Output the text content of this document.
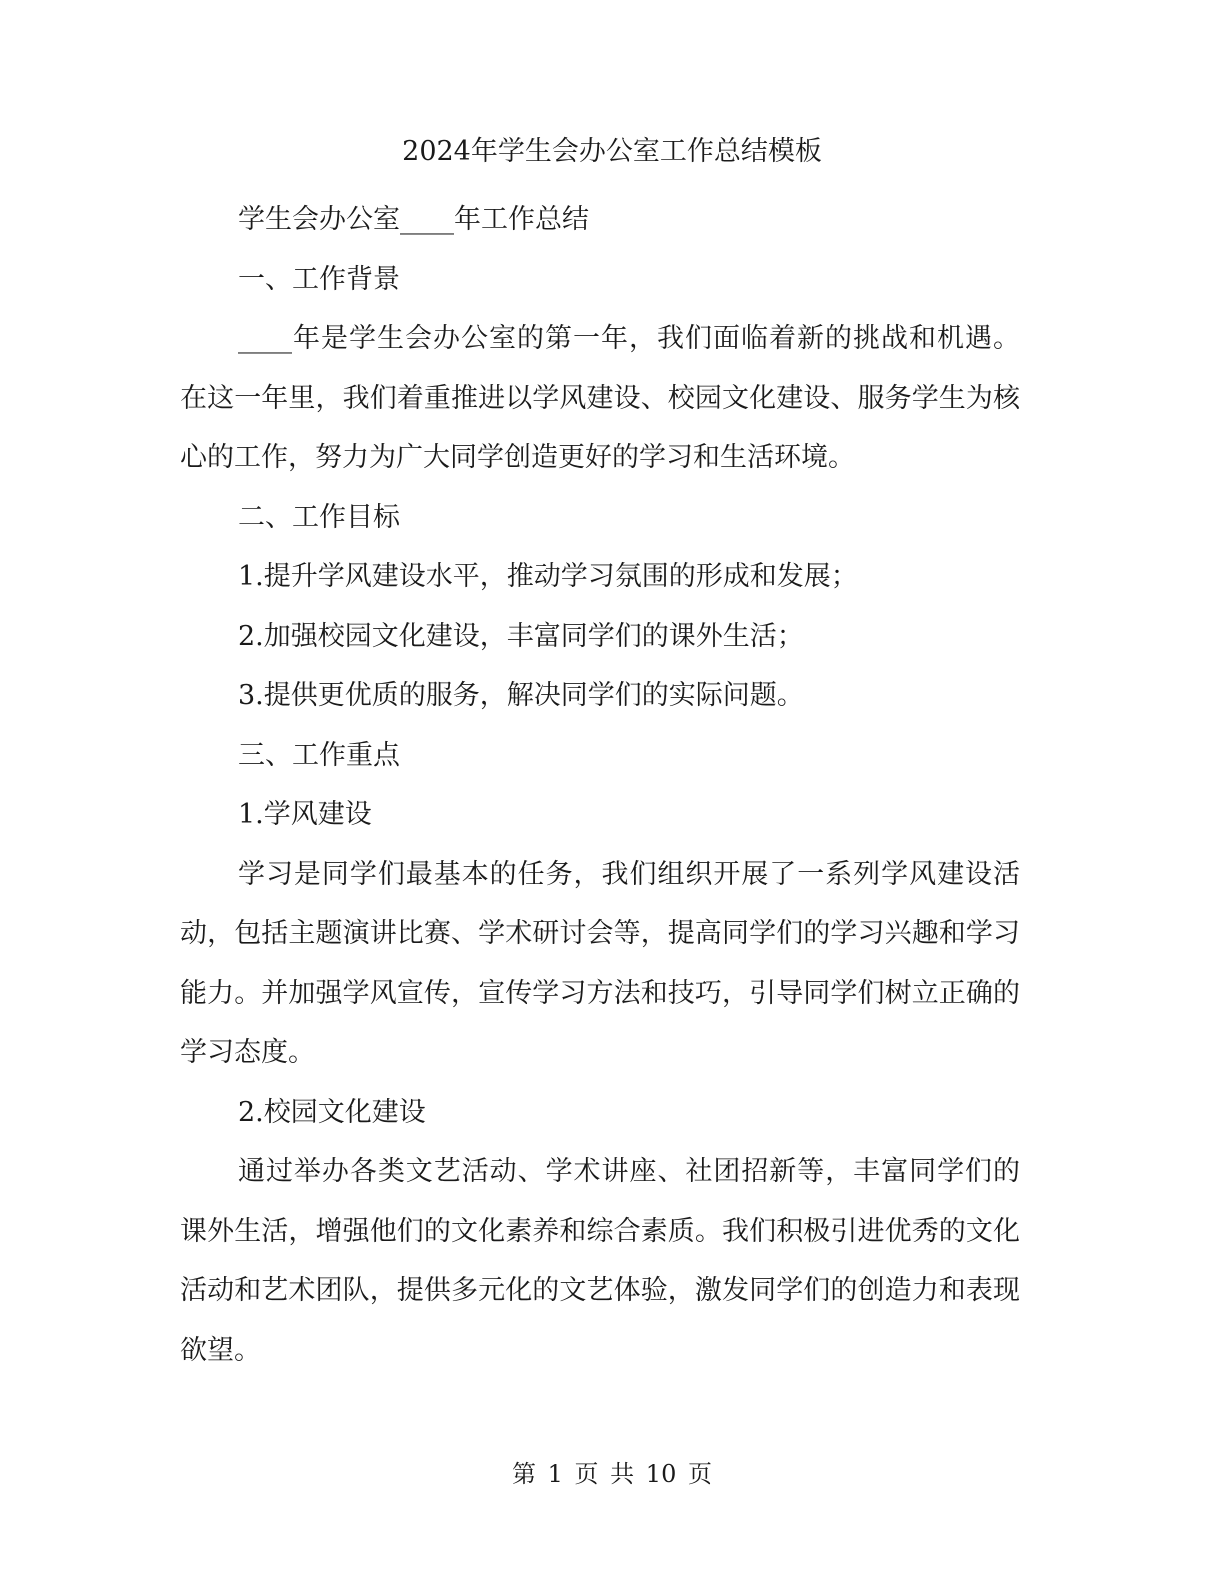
2024年学生会办公室工作总结模板

学生会办公室____年工作总结

一、工作背景

____年是学生会办公室的第一年，我们面临着新的挑战和机遇。在这一年里，我们着重推进以学风建设、校园文化建设、服务学生为核心的工作，努力为广大同学创造更好的学习和生活环境。

二、工作目标

1.提升学风建设水平，推动学习氛围的形成和发展；

2.加强校园文化建设，丰富同学们的课外生活；

3.提供更优质的服务，解决同学们的实际问题。

三、工作重点

1.学风建设

学习是同学们最基本的任务，我们组织开展了一系列学风建设活动，包括主题演讲比赛、学术研讨会等，提高同学们的学习兴趣和学习能力。并加强学风宣传，宣传学习方法和技巧，引导同学们树立正确的学习态度。

2.校园文化建设

通过举办各类文艺活动、学术讲座、社团招新等，丰富同学们的课外生活，增强他们的文化素养和综合素质。我们积极引进优秀的文化活动和艺术团队，提供多元化的文艺体验，激发同学们的创造力和表现欲望。

第 1 页 共 10 页
